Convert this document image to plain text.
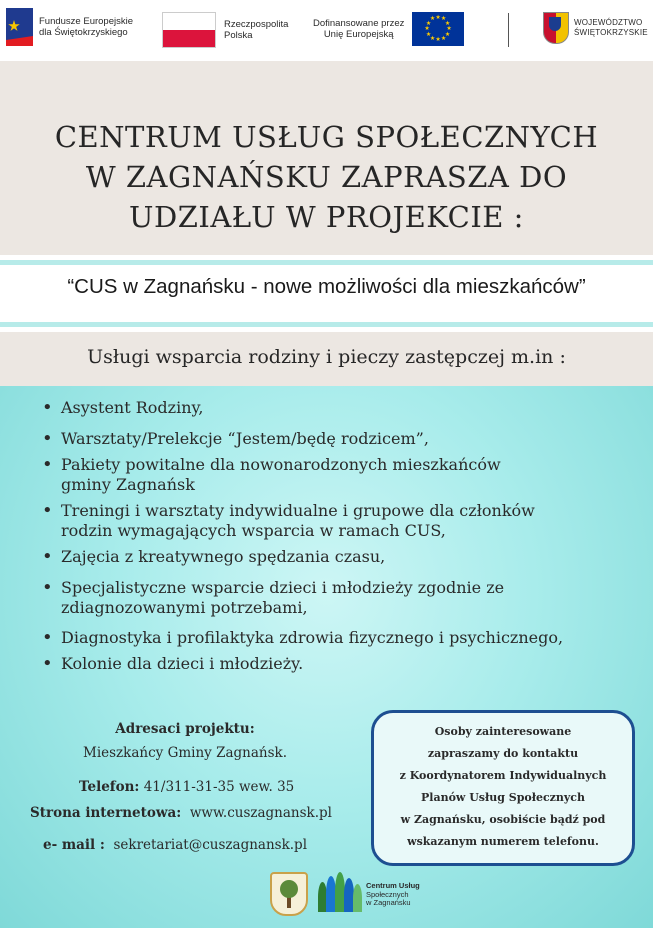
Fundusze Europejskie
dla Świętokrzyskiego
Rzeczpospolita
Polska
Dofinansowane przez
Unię Europejską
★
★
★
★
★
★
★
★
★ ★ ★
★	WOJEWÓDZTWO
ŚWIĘTOKRZYSKIE
CENTRUM USŁUG SPOŁECZNYCH
W ZAGNAŃSKU ZAPRASZA DO
UDZIAŁU W PROJEKCIE :
“CUS w Zagnańsku - nowe możliwości dla mieszkańców”
Usługi wsparcia rodziny i pieczy zastępczej m.in :
• Asystent Rodziny,
• Warsztaty/Prelekcje “Jestem/będę rodzicem”,
• Pakiety powitalne dla nowonarodzonych mieszkańców
gminy Zagnańsk
• Treningi i warsztaty indywidualne i grupowe dla członków
rodzin wymagających wsparcia w ramach CUS,
• Zajęcia z kreatywnego spędzania czasu,
• Specjalistyczne wsparcie dzieci i młodzieży zgodnie ze
zdiagnozowanymi potrzebami,
• Diagnostyka i profilaktyka zdrowia fizycznego i psychicznego,
• Kolonie dla dzieci i młodzieży.
Adresaci projektu:
Mieszkańcy Gminy Zagnańsk.
Telefon: 41/311-31-35 wew. 35
Strona internetowa: www.cuszagnansk.pl
e- mail : sekretariat@cuszagnansk.pl
Osoby zainteresowane
zapraszamy do kontaktu
z Koordynatorem Indywidualnych
Planów Usług Społecznych
w Zagnańsku, osobiście bądź pod
wskazanym numerem telefonu.
Centrum Usług
Społecznych
w Zagnańsku
